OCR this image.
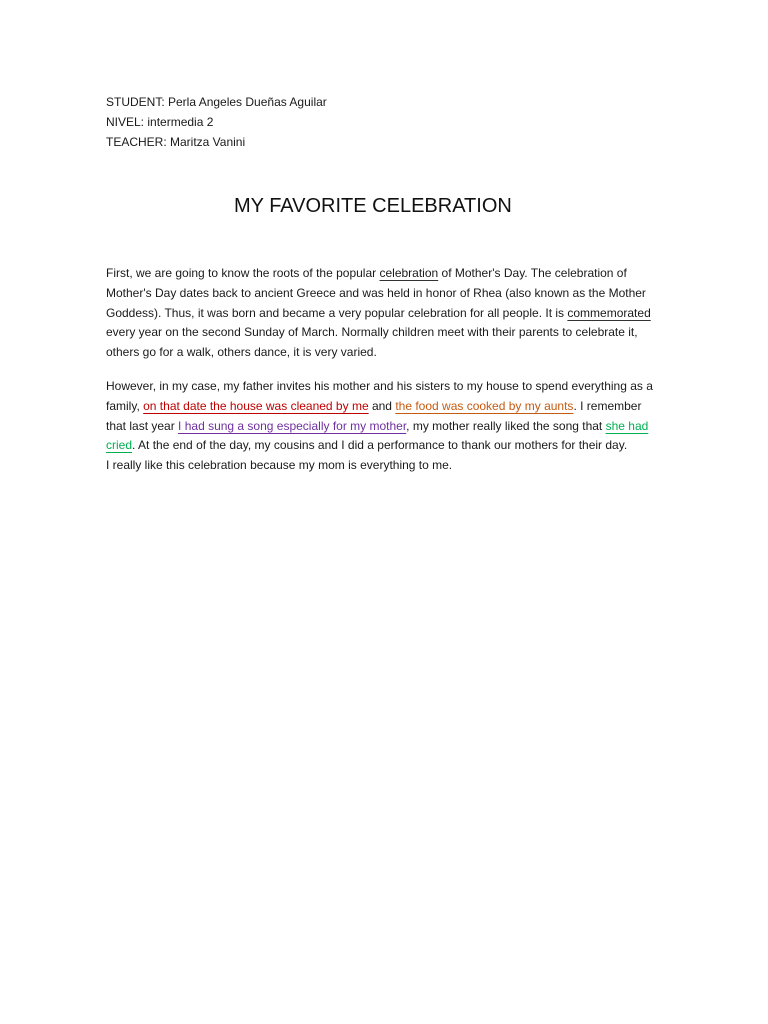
STUDENT: Perla Angeles Dueñas Aguilar
NIVEL: intermedia 2
TEACHER: Maritza Vanini
MY FAVORITE CELEBRATION
First, we are going to know the roots of the popular celebration of Mother's Day. The celebration of
Mother's Day dates back to ancient Greece and was held in honor of Rhea (also known as the Mother
Goddess). Thus, it was born and became a very popular celebration for all people. It is commemorated
every year on the second Sunday of March. Normally children meet with their parents to celebrate it,
others go for a walk, others dance, it is very varied.
However, in my case, my father invites his mother and his sisters to my house to spend everything as a
family, on that date the house was cleaned by me and the food was cooked by my aunts. I remember
that last year I had sung a song especially for my mother, my mother really liked the song that she had
cried. At the end of the day, my cousins and I did a performance to thank our mothers for their day.
I really like this celebration because my mom is everything to me.
